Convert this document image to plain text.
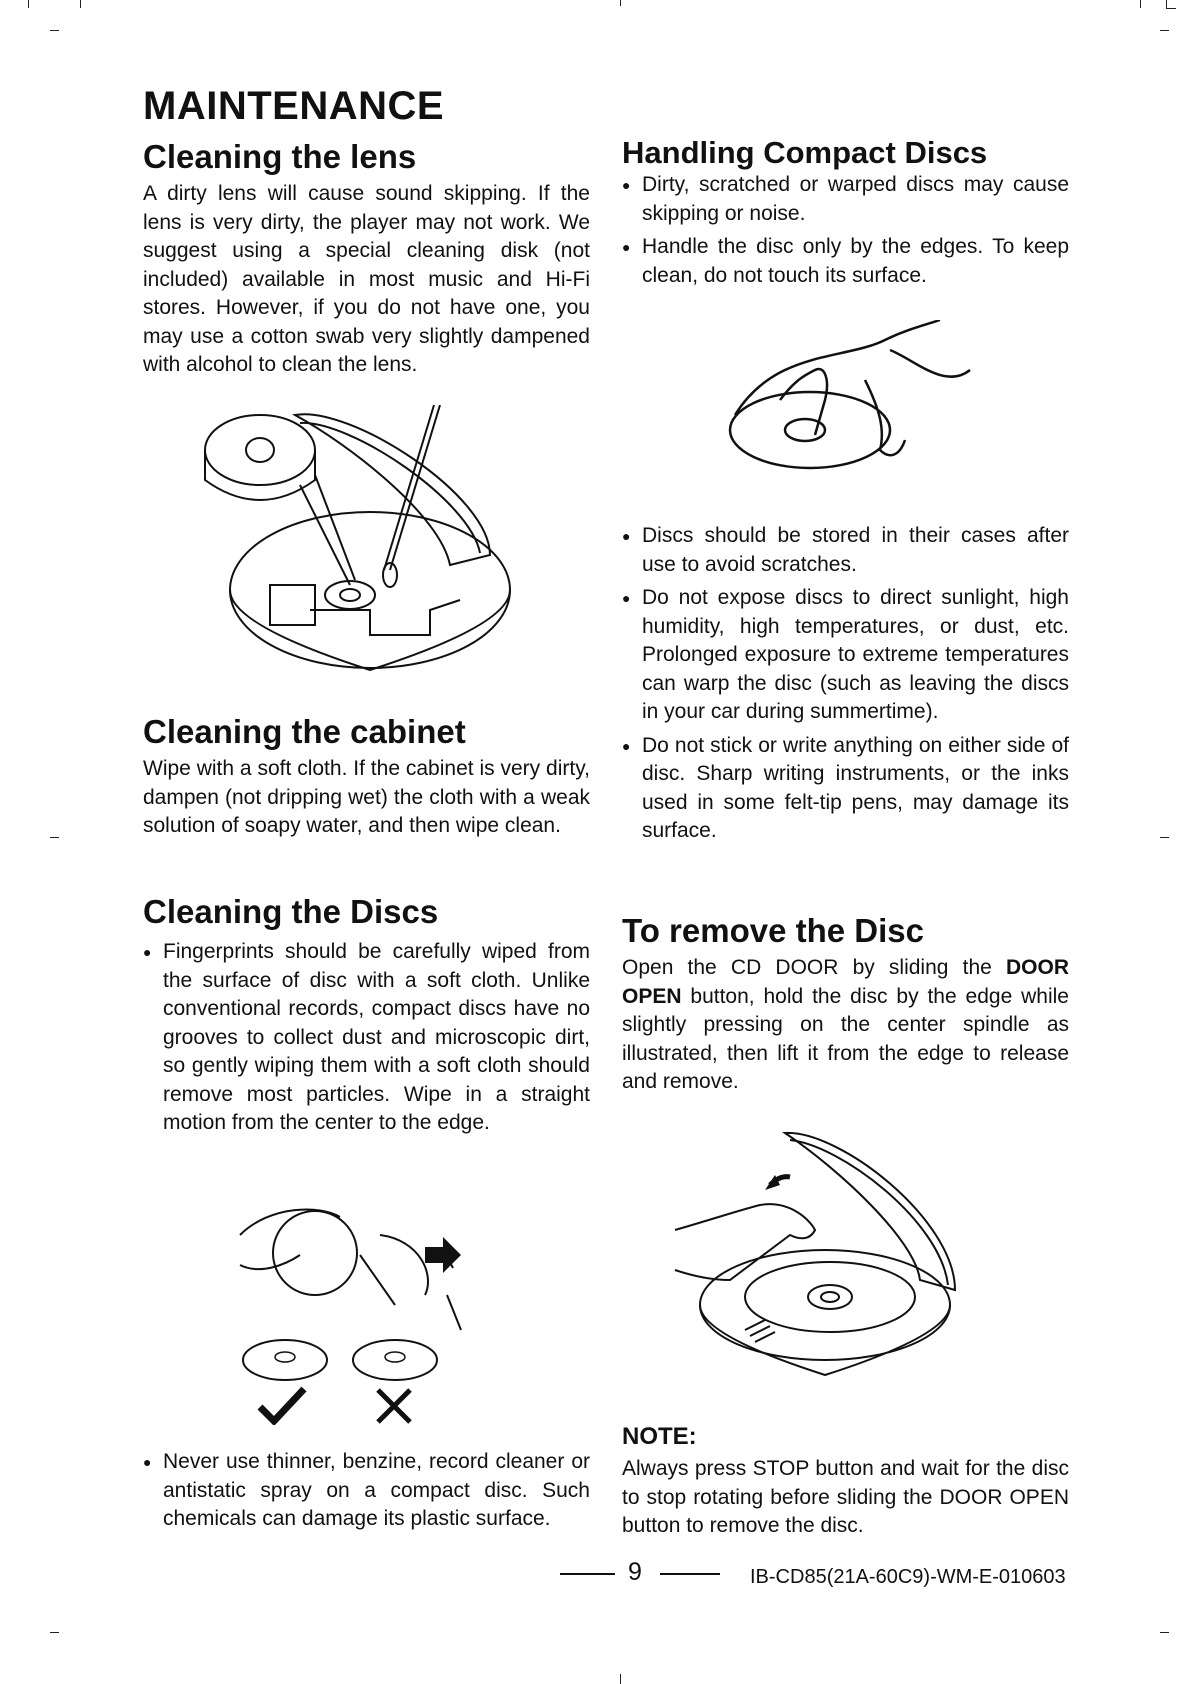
MAINTENANCE
Cleaning the lens

A dirty lens will cause sound skipping. If the lens is very dirty, the player may not work. We suggest using a special cleaning disk (not included) available in most music and Hi-Fi stores. However, if you do not have one, you may use a cotton swab very slightly dampened with alcohol to clean the lens.

Cleaning the cabinet

Wipe with a soft cloth. If the cabinet is very dirty, dampen (not dripping wet) the cloth with a weak solution of soapy water, and then wipe clean.

Cleaning the Discs
● Fingerprints should be carefully wiped from the surface of disc with a soft cloth. Unlike conventional records, compact discs have no grooves to collect dust and microscopic dirt, so gently wiping them with a soft cloth should remove most particles. Wipe in a straight motion from the center to the edge.
● Never use thinner, benzine, record cleaner or antistatic spray on a compact disc. Such chemicals can damage its plastic surface.
Handling Compact Discs
● Dirty, scratched or warped discs may cause skipping or noise.
● Handle the disc only by the edges. To keep clean, do not touch its surface.
● Discs should be stored in their cases after use to avoid scratches.
● Do not expose discs to direct sunlight, high humidity, high temperatures, or dust, etc. Prolonged exposure to extreme temperatures can warp the disc (such as leaving the discs in your car during summertime).
● Do not stick or write anything on either side of disc. Sharp writing instruments, or the inks used in some felt-tip pens, may damage its surface.
To remove the Disc

Open the CD DOOR by sliding the DOOR OPEN button, hold the disc by the edge while slightly pressing on the center spindle as illustrated, then lift it from the edge to release and remove.

NOTE:

Always press STOP button and wait for the disc to stop rotating before sliding the DOOR OPEN button to remove the disc.

9	IB-CD85(21A-60C9)-WM-E-010603
